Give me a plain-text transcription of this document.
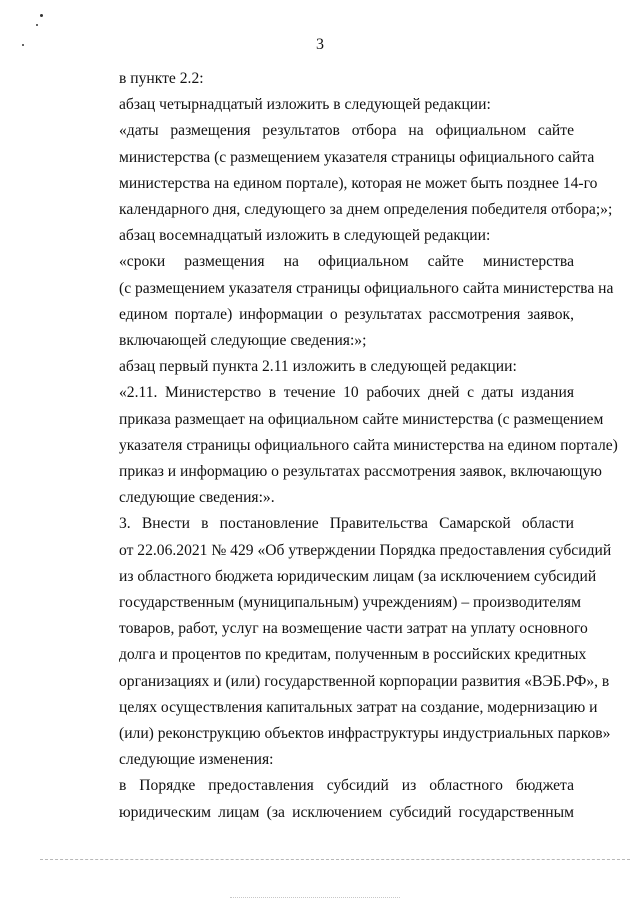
3

в пункте 2.2:

абзац четырнадцатый изложить в следующей редакции:

«даты размещения результатов отбора на официальном сайте
министерства (с размещением указателя страницы официального сайта
министерства на едином портале), которая не может быть позднее 14-го
календарного дня, следующего за днем определения победителя отбора;»;

абзац восемнадцатый изложить в следующей редакции:

«сроки размещения на официальном сайте министерства
(с размещением указателя страницы официального сайта министерства на
едином портале) информации о результатах рассмотрения заявок,
включающей следующие сведения:»;

абзац первый пункта 2.11 изложить в следующей редакции:

«2.11. Министерство в течение 10 рабочих дней с даты издания
приказа размещает на официальном сайте министерства (с размещением
указателя страницы официального сайта министерства на едином портале)
приказ и информацию о результатах рассмотрения заявок, включающую
следующие сведения:».

3. Внести в постановление Правительства Самарской области
от 22.06.2021 № 429 «Об утверждении Порядка предоставления субсидий
из областного бюджета юридическим лицам (за исключением субсидий
государственным (муниципальным) учреждениям) – производителям
товаров, работ, услуг на возмещение части затрат на уплату основного
долга и процентов по кредитам, полученным в российских кредитных
организациях и (или) государственной корпорации развития «ВЭБ.РФ», в
целях осуществления капитальных затрат на создание, модернизацию и
(или) реконструкцию объектов инфраструктуры индустриальных парков»
следующие изменения:

в Порядке предоставления субсидий из областного бюджета
юридическим лицам (за исключением субсидий государственным
